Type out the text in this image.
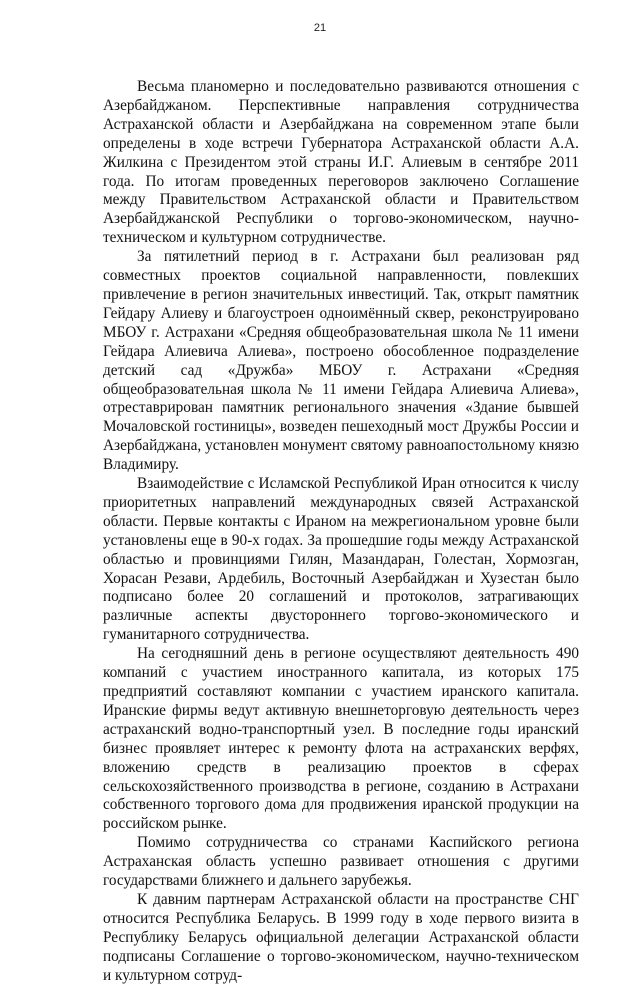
21

Весьма планомерно и последовательно развиваются отношения с Азербайджаном. Перспективные направления сотрудничества Астраханской области и Азербайджана на современном этапе были определены в ходе встречи Губернатора Астраханской области А.А. Жилкина с Президентом этой страны И.Г. Алиевым в сентябре 2011 года. По итогам проведенных переговоров заключено Соглашение между Правительством Астраханской области и Правительством Азербайджанской Республики о торгово-экономическом, научно-техническом и культурном сотрудничестве.

За пятилетний период в г. Астрахани был реализован ряд совместных проектов социальной направленности, повлекших привлечение в регион значительных инвестиций. Так, открыт памятник Гейдару Алиеву и благоустроен одноимённый сквер, реконструировано МБОУ г. Астрахани «Средняя общеобразовательная школа № 11 имени Гейдара Алиевича Алиева», построено обособленное подразделение детский сад «Дружба» МБОУ г. Астрахани «Средняя общеобразовательная школа № 11 имени Гейдара Алиевича Алиева», отреставрирован памятник регионального значения «Здание бывшей Мочаловской гостиницы», возведен пешеходный мост Дружбы России и Азербайджана, установлен монумент святому равноапостольному князю Владимиру.

Взаимодействие с Исламской Республикой Иран относится к числу приоритетных направлений международных связей Астраханской области. Первые контакты с Ираном на межрегиональном уровне были установлены еще в 90-х годах. За прошедшие годы между Астраханской областью и провинциями Гилян, Мазандаран, Голестан, Хормозган, Хорасан Резави, Ардебиль, Восточный Азербайджан и Хузестан было подписано более 20 соглашений и протоколов, затрагивающих различные аспекты двустороннего торгово-экономического и гуманитарного сотрудничества.

На сегодняшний день в регионе осуществляют деятельность 490 компаний с участием иностранного капитала, из которых 175 предприятий составляют компании с участием иранского капитала. Иранские фирмы ведут активную внешнеторговую деятельность через астраханский водно-транспортный узел. В последние годы иранский бизнес проявляет интерес к ремонту флота на астраханских верфях, вложению средств в реализацию проектов в сферах сельскохозяйственного производства в регионе, созданию в Астрахани собственного торгового дома для продвижения иранской продукции на российском рынке.

Помимо сотрудничества со странами Каспийского региона Астраханская область успешно развивает отношения с другими государствами ближнего и дальнего зарубежья.

К давним партнерам Астраханской области на пространстве СНГ относится Республика Беларусь. В 1999 году в ходе первого визита в Республику Беларусь официальной делегации Астраханской области подписаны Соглашение о торгово-экономическом, научно-техническом и культурном сотруд-
